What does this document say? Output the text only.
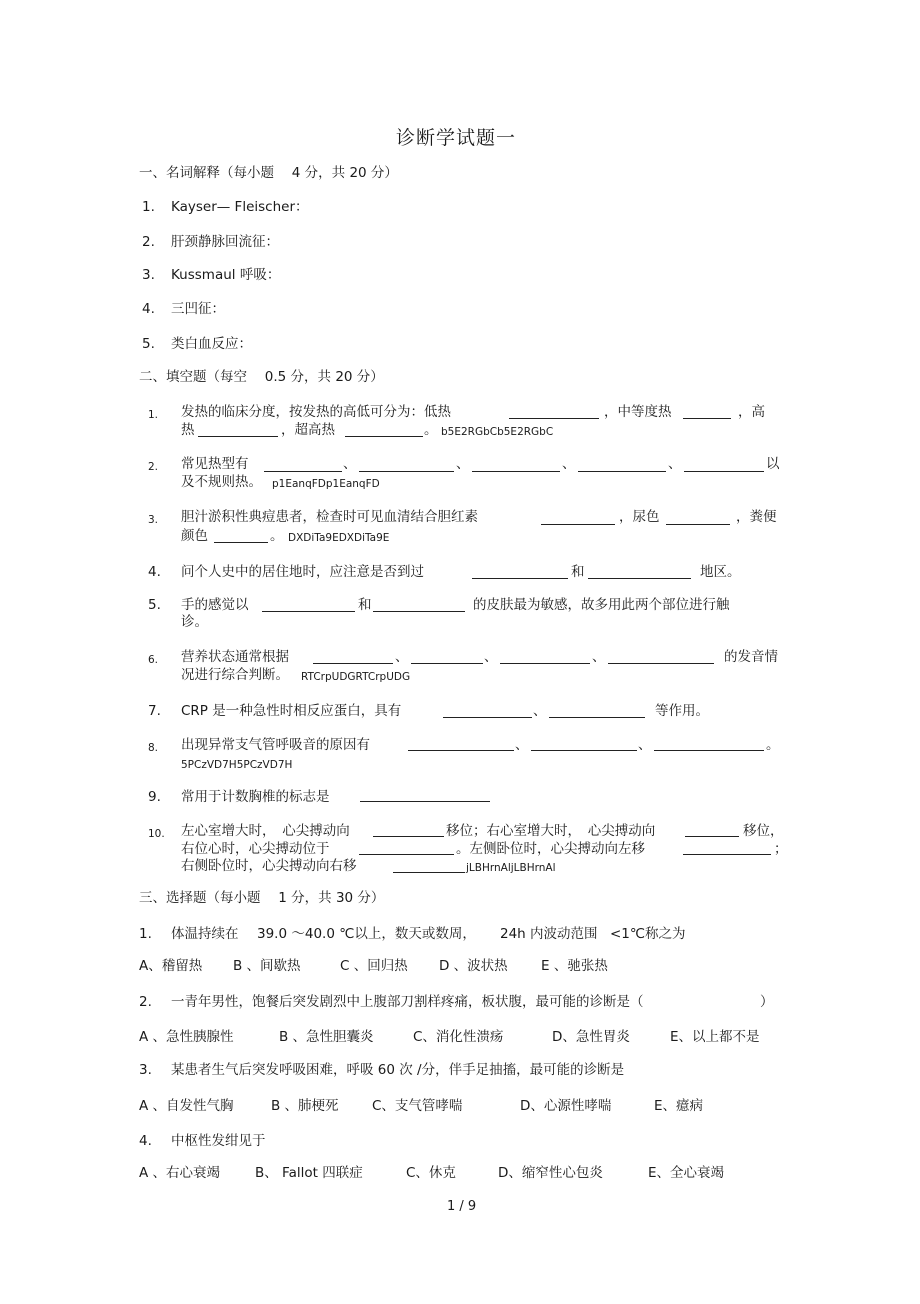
诊断学试题一
一、名词解释（每小题　 4 分，共 20 分）
1. Kayser— Fleischer：
2. 肝颈静脉回流征：
3. Kussmaul 呼吸：
4. 三凹征：
5. 类白血反应：
二、填空题（每空　 0.5 分，共 20 分）
1. 发热的临床分度，按发热的高低可分为：低热	，中等度热	，高
热	，超高热	。 b5E2RGbCb5E2RGbC
2. 常见热型有	、	、	、	、	以
及不规则热。 p1EanqFDp1EanqFD
3. 胆汁淤积性典痘患者，检查时可见血清结合胆红素	，尿色	，粪便
颜色	。 DXDiTa9EDXDiTa9E
4. 问个人史中的居住地时，应注意是否到过	和	地区。
5. 手的感觉以	和	的皮肤最为敏感，故多用此两个部位进行触
诊。
6. 营养状态通常根据	、	、	、	的发音情
况进行综合判断。 RTCrpUDGRTCrpUDG
7. CRP 是一种急性时相反应蛋白，具有	、	等作用。
8. 出现异常支气管呼吸音的原因有	、	、	。
5PCzVD7H5PCzVD7H
9. 常用于计数胸椎的标志是
10. 左心室增大时，　心尖搏动向	移位；右心室增大时，　心尖搏动向	移位，
右位心时，心尖搏动位于	。左侧卧位时，心尖搏动向左移	；
右侧卧位时，心尖搏动向右移	jLBHrnAljLBHrnAl
三、选择题（每小题　 1 分，共 30 分）
1. 体温持续在 39.0 ～40.0 ℃以上，数天或数周， 24h 内波动范围 <1℃称之为
A、稽留热 B 、间歇热	C 、回归热 D 、波状热 E 、驰张热
2. 一青年男性，饱餐后突发剧烈中上腹部刀割样疼痛，板状腹，最可能的诊断是（	）
A 、急性胰腺性	B 、急性胆囊炎	C、消化性溃疡	D、急性胃炎	E、以上都不是
3. 某患者生气后突发呼吸困难，呼吸 60 次 /分，伴手足抽搐，最可能的诊断是
A 、自发性气胸	B 、肺梗死 C、支气管哮喘	D、心源性哮喘	E、癔病
4. 中枢性发绀见于
A 、右心衰竭	B、 Fallot 四联症	C、休克	D、缩窄性心包炎	E、全心衰竭
1 / 9
